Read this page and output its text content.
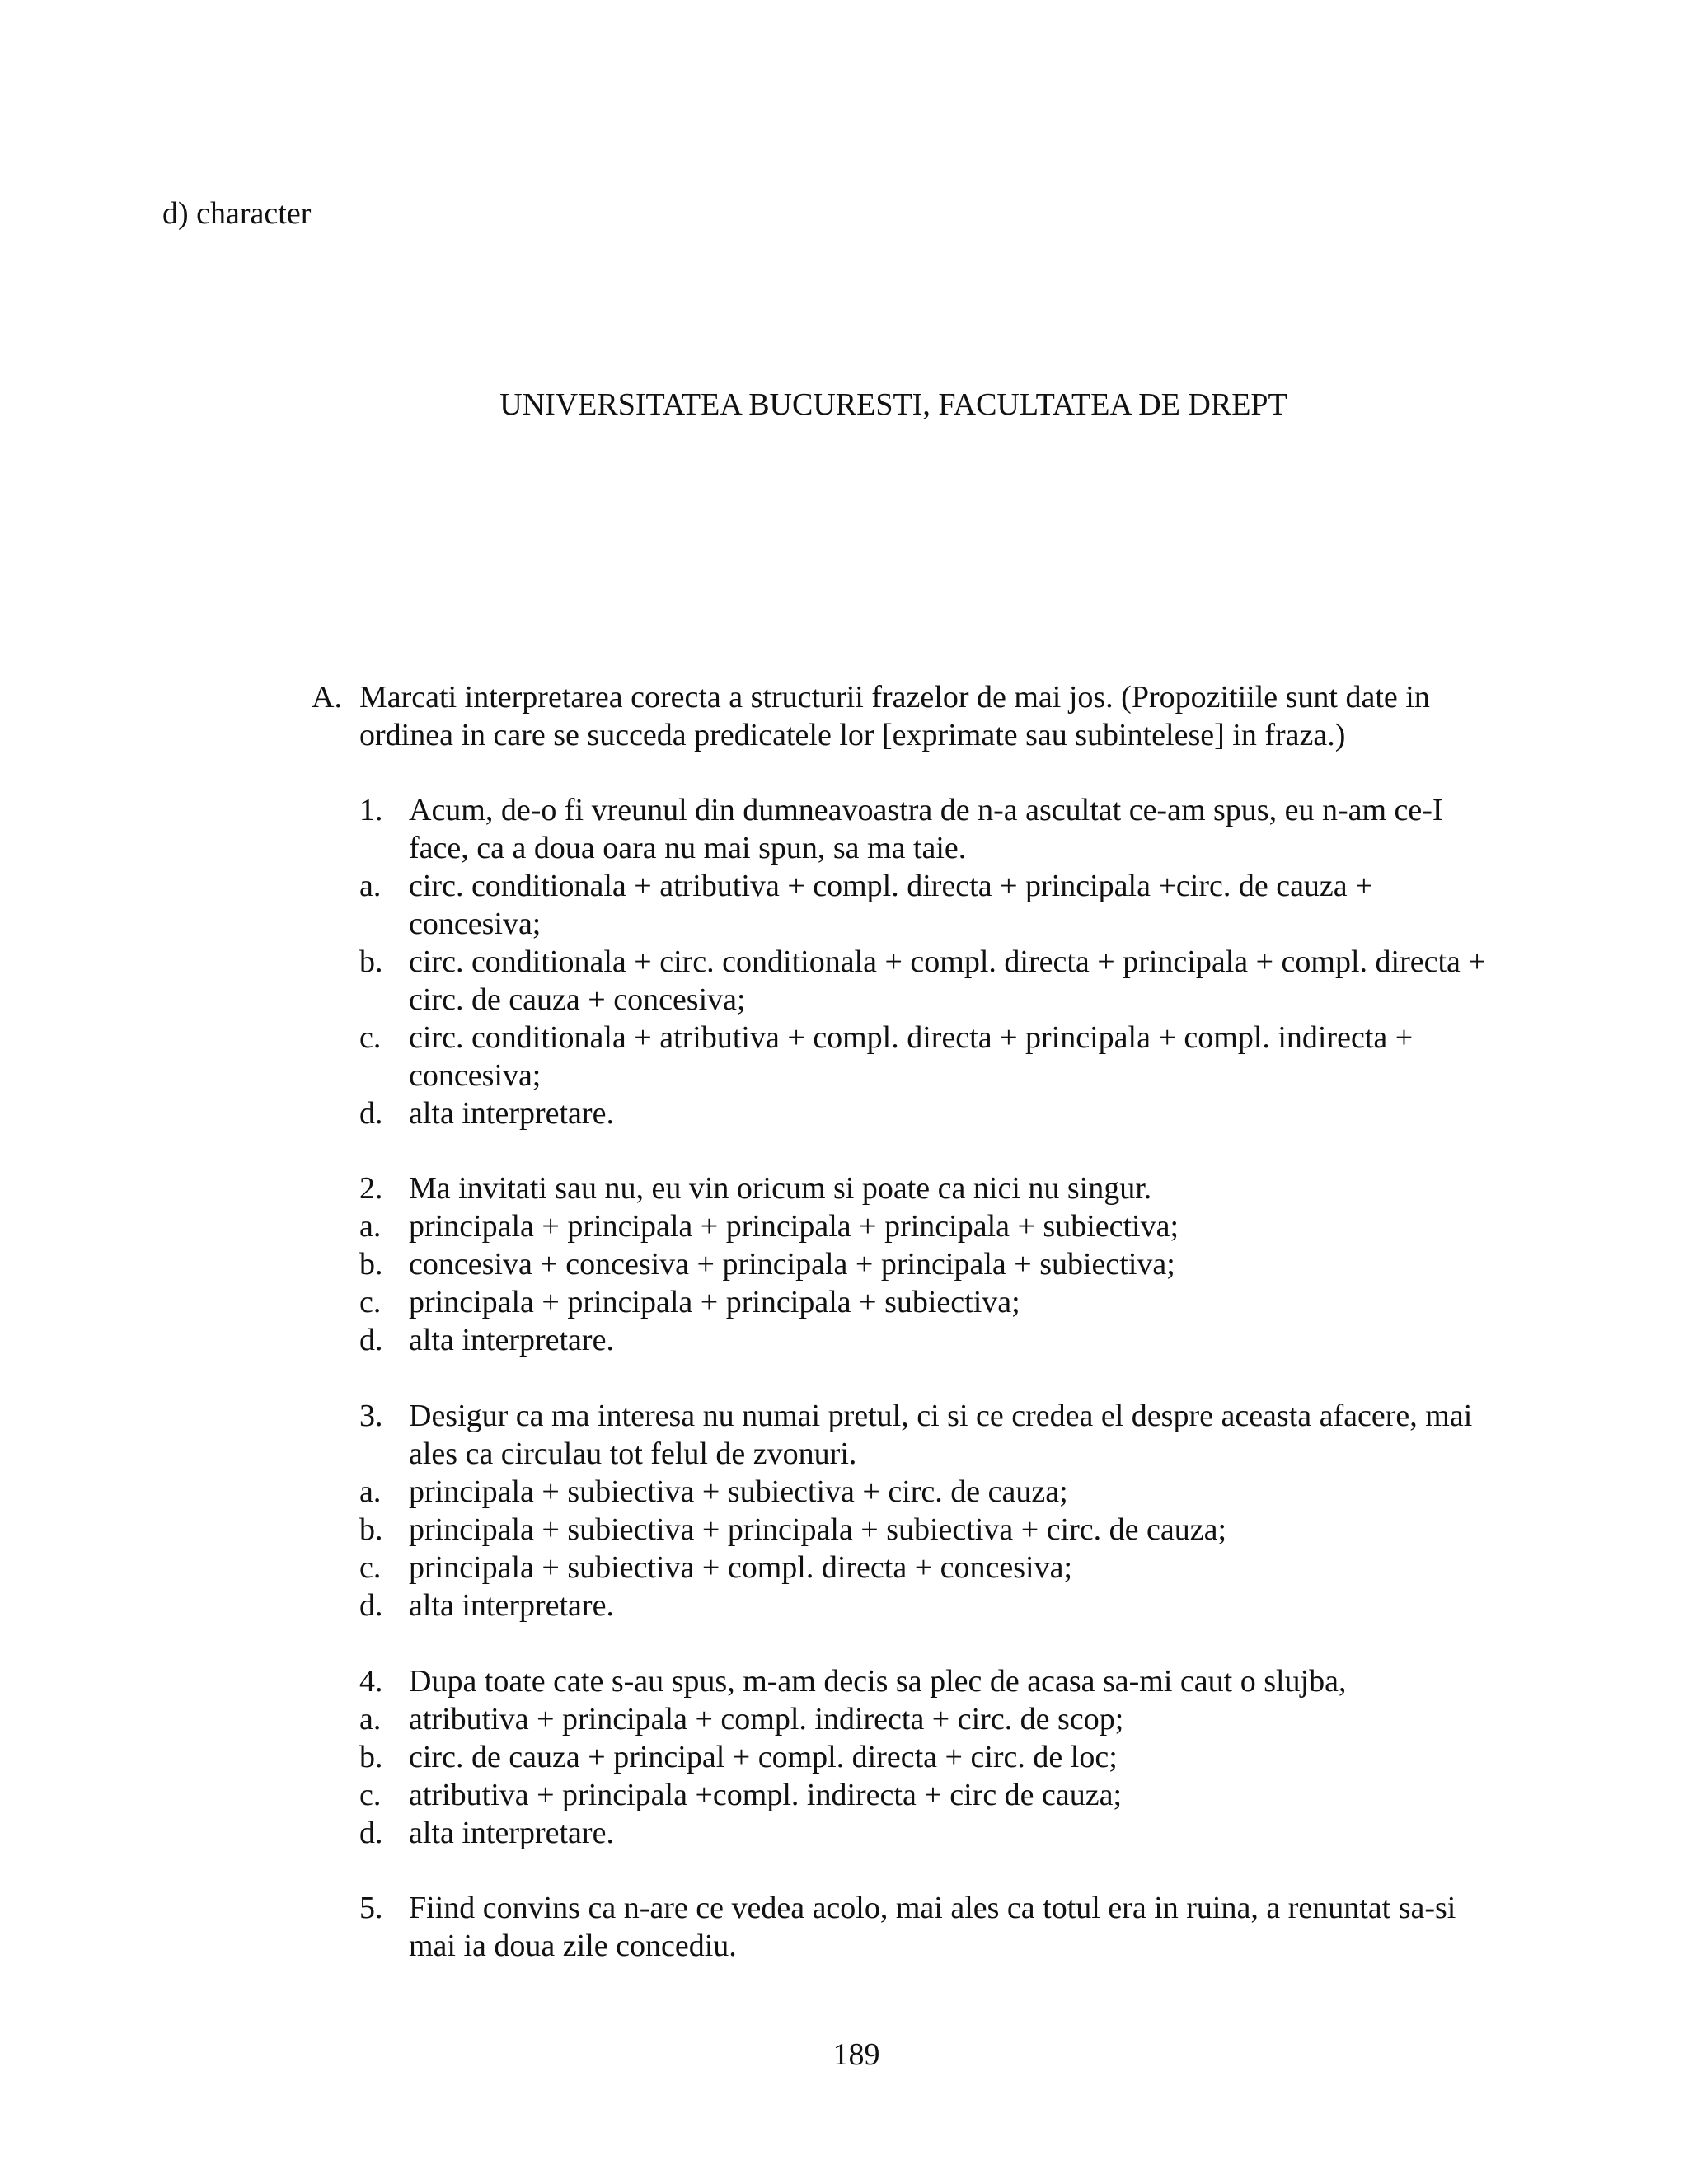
d) character
UNIVERSITATEA BUCURESTI, FACULTATEA DE DREPT
A. Marcati interpretarea corecta a structurii frazelor de mai jos. (Propozitiile sunt date in ordinea in care se succeda predicatele lor [exprimate sau subintelese] in fraza.)
1. Acum, de-o fi vreunul din dumneavoastra de n-a ascultat ce-am spus, eu n-am ce-I face, ca a doua oara nu mai spun, sa ma taie.
a. circ. conditionala + atributiva + compl. directa + principala +circ. de cauza + concesiva;
b. circ. conditionala + circ. conditionala + compl. directa + principala + compl. directa + circ. de cauza + concesiva;
c. circ. conditionala + atributiva + compl. directa + principala + compl. indirecta + concesiva;
d. alta interpretare.
2. Ma invitati sau nu, eu vin oricum si poate ca nici nu singur.
a. principala + principala + principala + principala + subiectiva;
b. concesiva + concesiva + principala + principala + subiectiva;
c. principala + principala + principala + subiectiva;
d. alta interpretare.
3. Desigur ca ma interesa nu numai pretul, ci si ce credea el despre aceasta afacere, mai ales ca circulau tot felul de zvonuri.
a. principala + subiectiva + subiectiva + circ. de cauza;
b. principala + subiectiva + principala + subiectiva + circ. de cauza;
c. principala + subiectiva + compl. directa + concesiva;
d. alta interpretare.
4. Dupa toate cate s-au spus, m-am decis sa plec de acasa sa-mi caut o slujba,
a. atributiva + principala + compl. indirecta + circ. de scop;
b. circ. de cauza + principal + compl. directa + circ. de loc;
c. atributiva + principala +compl. indirecta + circ de cauza;
d. alta interpretare.
5. Fiind convins ca n-are ce vedea acolo, mai ales ca totul era in ruina, a renuntat sa-si mai ia doua zile concediu.
189
